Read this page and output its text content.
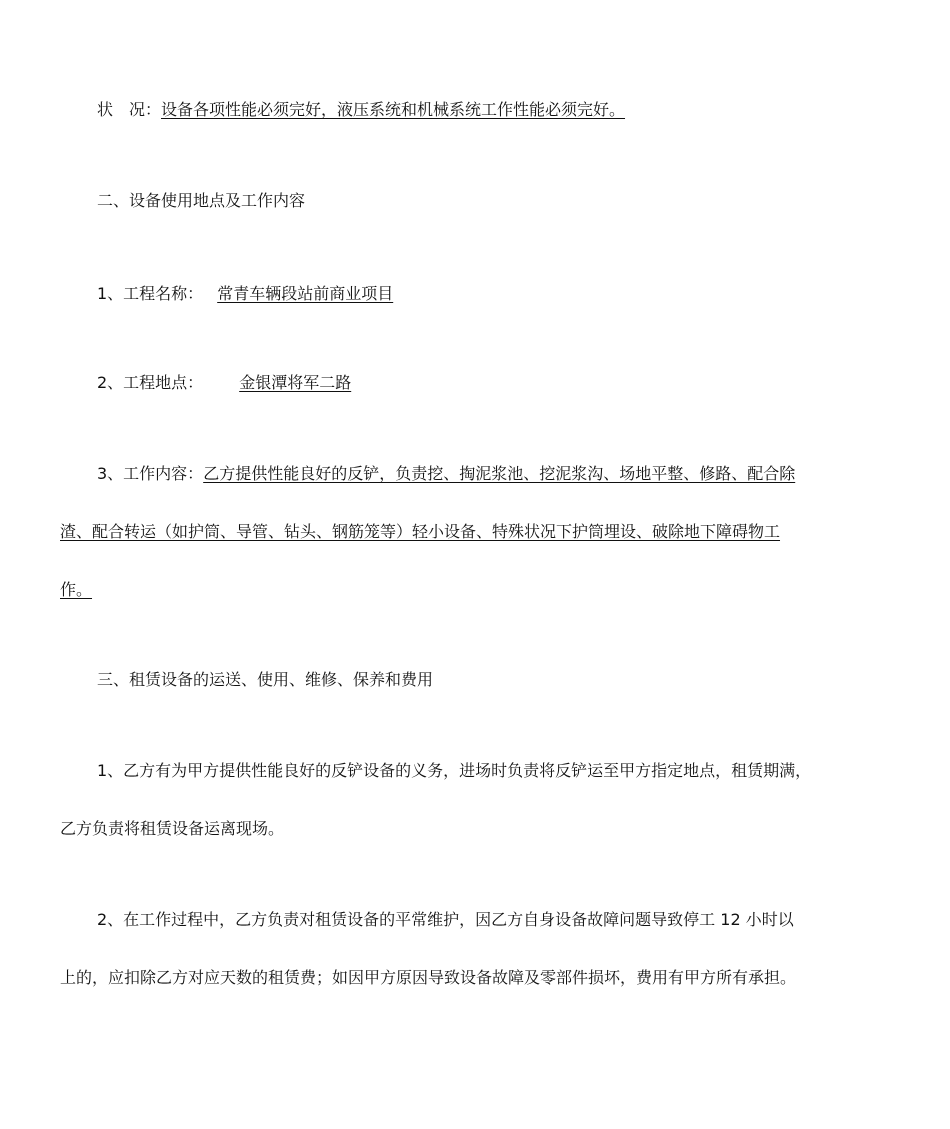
状　况：设备各项性能必须完好，液压系统和机械系统工作性能必须完好。
二、设备使用地点及工作内容
1、工程名称： 常青车辆段站前商业项目
2、工程地点： 金银潭将军二路
3、工作内容：乙方提供性能良好的反铲，负责挖、掏泥浆池、挖泥浆沟、场地平整、修路、配合除
渣、配合转运（如护筒、导管、钻头、钢筋笼等）轻小设备、特殊状况下护筒埋设、破除地下障碍物工
作。
三、租赁设备的运送、使用、维修、保养和费用
1、乙方有为甲方提供性能良好的反铲设备的义务，进场时负责将反铲运至甲方指定地点，租赁期满，
乙方负责将租赁设备运离现场。
2、在工作过程中，乙方负责对租赁设备的平常维护，因乙方自身设备故障问题导致停工 12 小时以
上的，应扣除乙方对应天数的租赁费；如因甲方原因导致设备故障及零部件损坏，费用有甲方所有承担。
